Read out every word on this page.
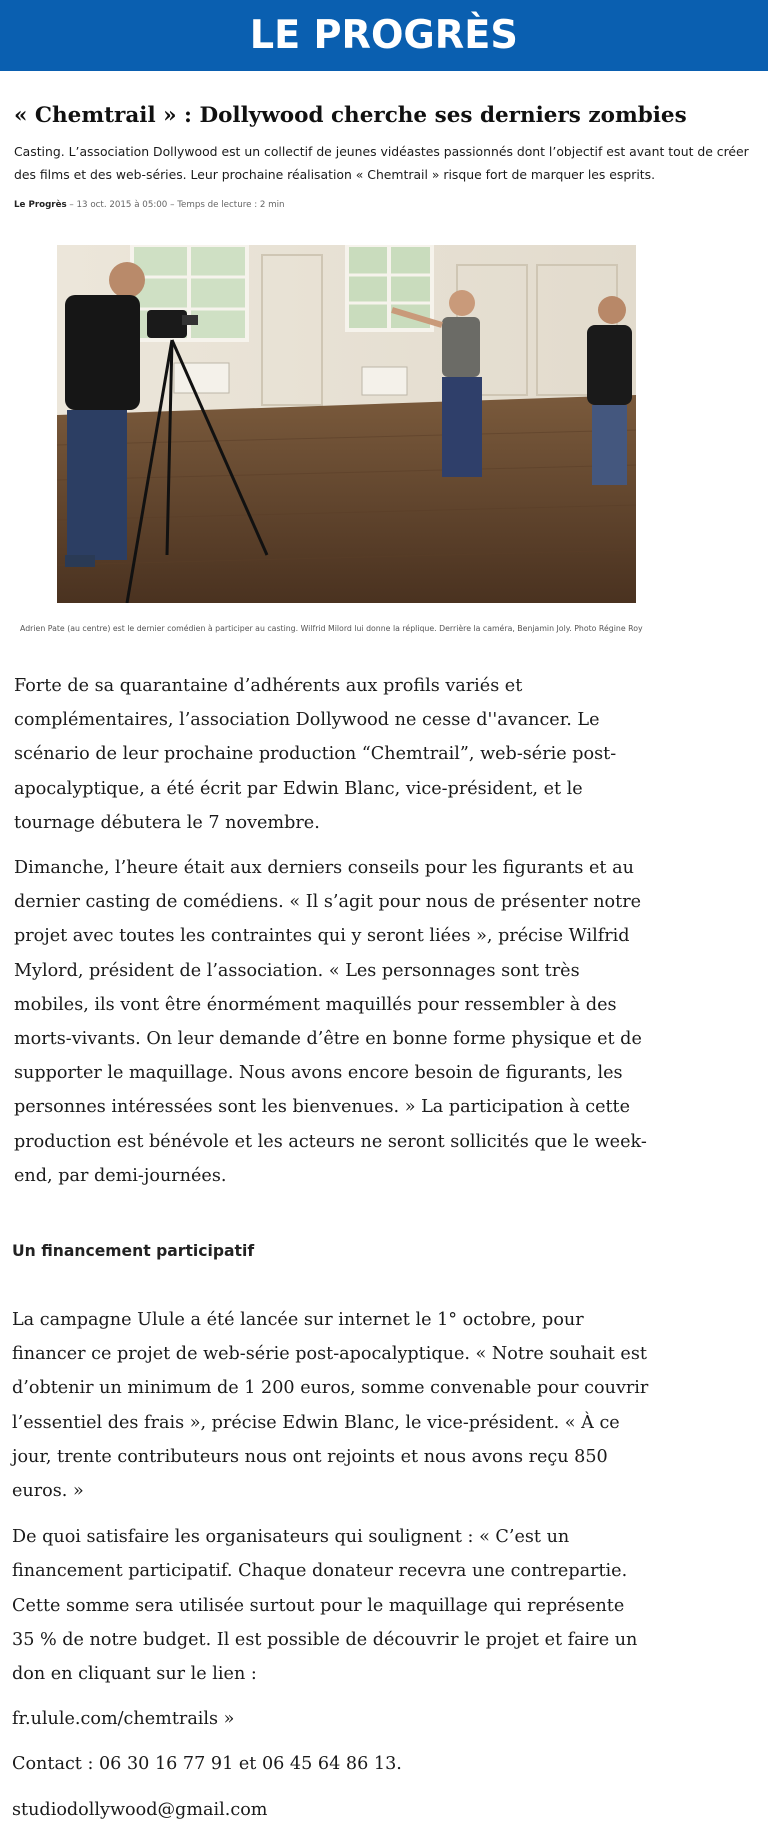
LE PROGRÈS
« Chemtrail » : Dollywood cherche ses derniers zombies

Casting. L’association Dollywood est un collectif de jeunes vidéastes passionnés dont l’objectif est avant tout de créer des films et des web-séries. Leur prochaine réalisation « Chemtrail » risque fort de marquer les esprits.

Le Progrès – 13 oct. 2015 à 05:00 – Temps de lecture : 2 min
Adrien Pate (au centre) est le dernier comédien à participer au casting. Wilfrid Milord lui donne la réplique. Derrière la caméra, Benjamin Joly. Photo Régine Roy

Forte de sa quarantaine d’adhérents aux profils variés et complémentaires, l’association Dollywood ne cesse d''avancer. Le scénario de leur prochaine production “Chemtrail”, web-série post-apocalyptique, a été écrit par Edwin Blanc, vice-président, et le tournage débutera le 7 novembre.

Dimanche, l’heure était aux derniers conseils pour les figurants et au dernier casting de comédiens. « Il s’agit pour nous de présenter notre projet avec toutes les contraintes qui y seront liées », précise Wilfrid Mylord, président de l’association. « Les personnages sont très mobiles, ils vont être énormément maquillés pour ressembler à des morts-vivants. On leur demande d’être en bonne forme physique et de supporter le maquillage. Nous avons encore besoin de figurants, les personnes intéressées sont les bienvenues. » La participation à cette production est bénévole et les acteurs ne seront sollicités que le week-end, par demi-journées.

Un financement participatif

La campagne Ulule a été lancée sur internet le 1° octobre, pour financer ce projet de web-série post-apocalyptique. « Notre souhait est d’obtenir un minimum de 1 200 euros, somme convenable pour couvrir l’essentiel des frais », précise Edwin Blanc, le vice-président. « À ce jour, trente contributeurs nous ont rejoints et nous avons reçu 850 euros. »

De quoi satisfaire les organisateurs qui soulignent : « C’est un financement participatif. Chaque donateur recevra une contrepartie. Cette somme sera utilisée surtout pour le maquillage qui représente 35 % de notre budget. Il est possible de découvrir le projet et faire un don en cliquant sur le lien :

fr.ulule.com/chemtrails »

Contact : 06 30 16 77 91 et 06 45 64 86 13.

studiodollywood@gmail.com
